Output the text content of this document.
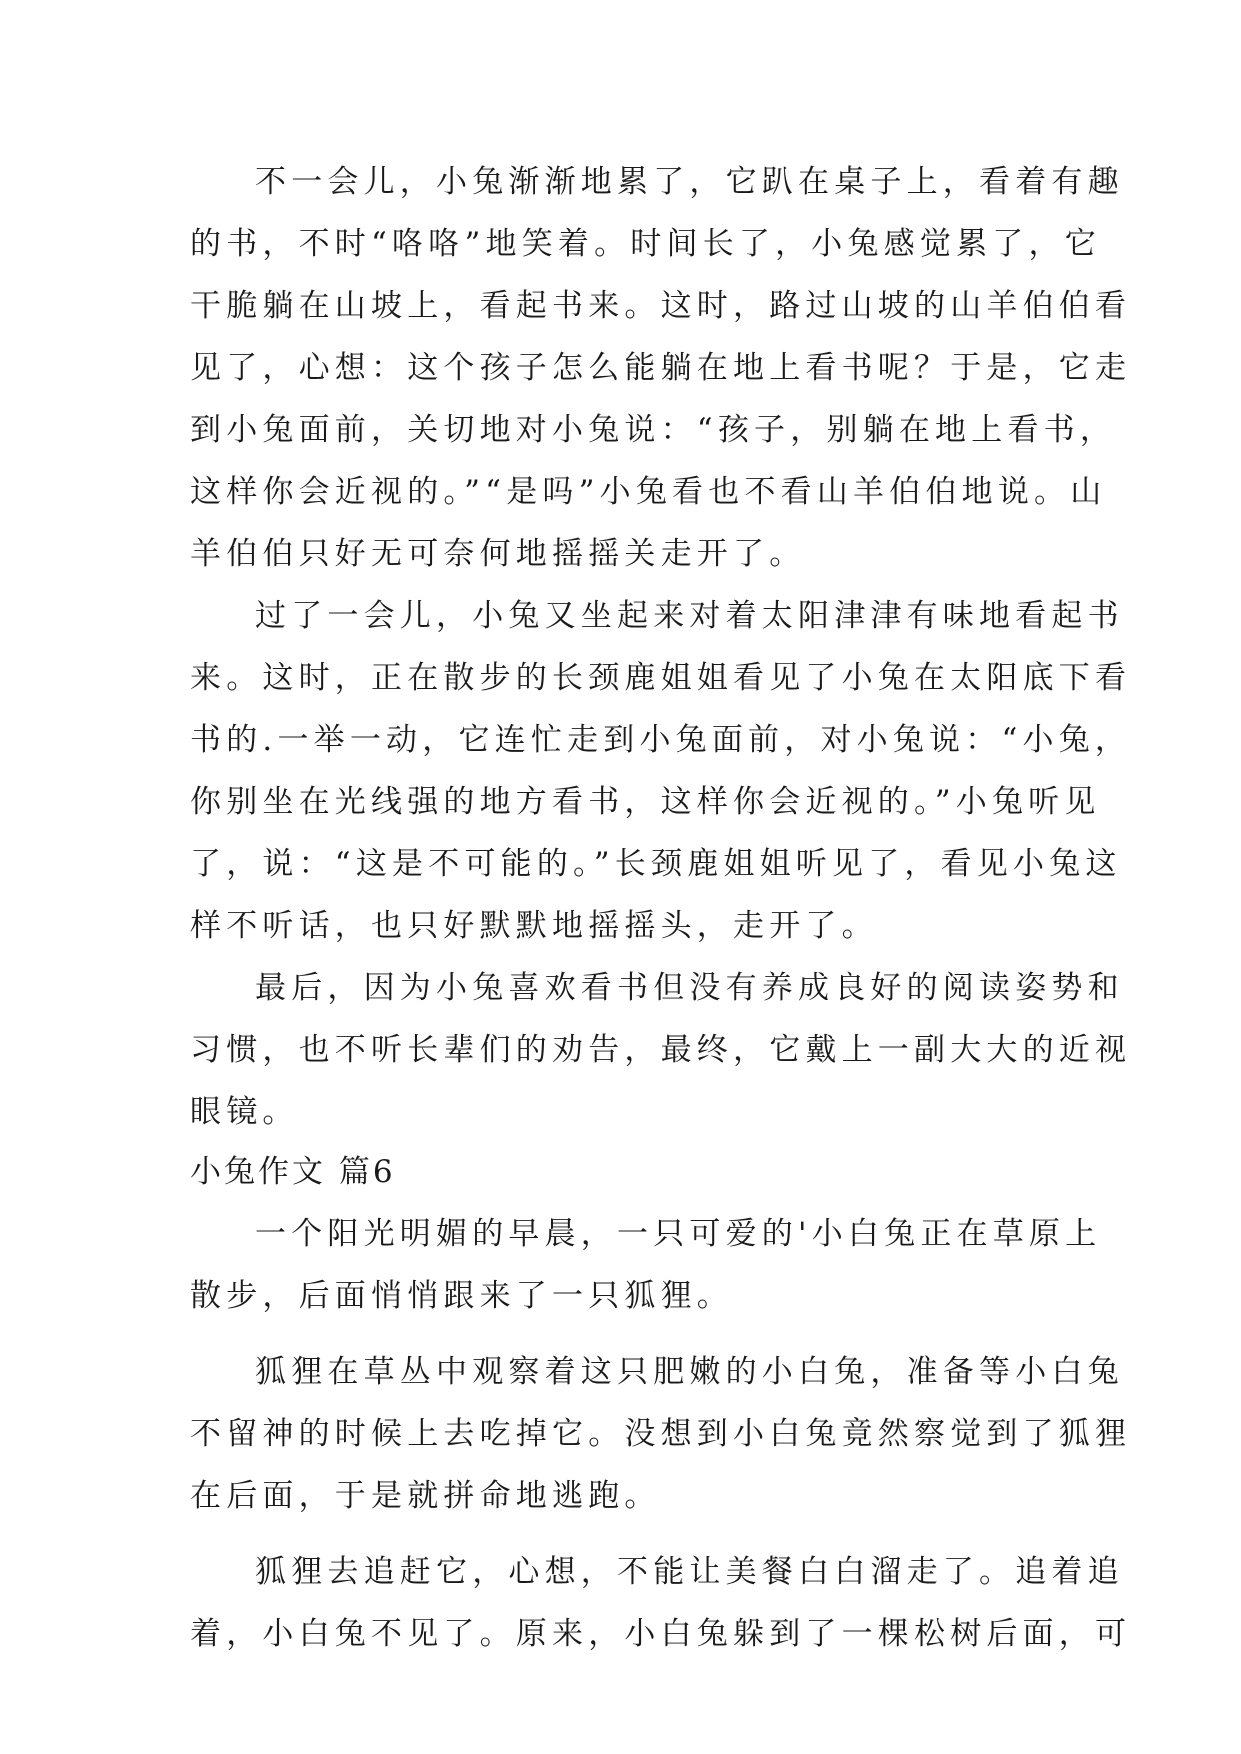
不一会儿，小兔渐渐地累了，它趴在桌子上，看着有趣
的书，不时“咯咯”地笑着。时间长了，小兔感觉累了，它
干脆躺在山坡上，看起书来。这时，路过山坡的山羊伯伯看
见了，心想：这个孩子怎么能躺在地上看书呢？于是，它走
到小兔面前，关切地对小兔说：“孩子，别躺在地上看书，
这样你会近视的。”“是吗”小兔看也不看山羊伯伯地说。山
羊伯伯只好无可奈何地摇摇关走开了。
过了一会儿，小兔又坐起来对着太阳津津有味地看起书
来。这时，正在散步的长颈鹿姐姐看见了小兔在太阳底下看
书的.一举一动，它连忙走到小兔面前，对小兔说：“小兔，
你别坐在光线强的地方看书，这样你会近视的。”小兔听见
了，说：“这是不可能的。”长颈鹿姐姐听见了，看见小兔这
样不听话，也只好默默地摇摇头，走开了。
最后，因为小兔喜欢看书但没有养成良好的阅读姿势和
习惯，也不听长辈们的劝告，最终，它戴上一副大大的近视
眼镜。
小兔作文 篇6
一个阳光明媚的早晨，一只可爱的'小白兔正在草原上
散步，后面悄悄跟来了一只狐狸。
狐狸在草丛中观察着这只肥嫩的小白兔，准备等小白兔
不留神的时候上去吃掉它。没想到小白兔竟然察觉到了狐狸
在后面，于是就拼命地逃跑。
狐狸去追赶它，心想，不能让美餐白白溜走了。追着追
着，小白兔不见了。原来，小白兔躲到了一棵松树后面，可
